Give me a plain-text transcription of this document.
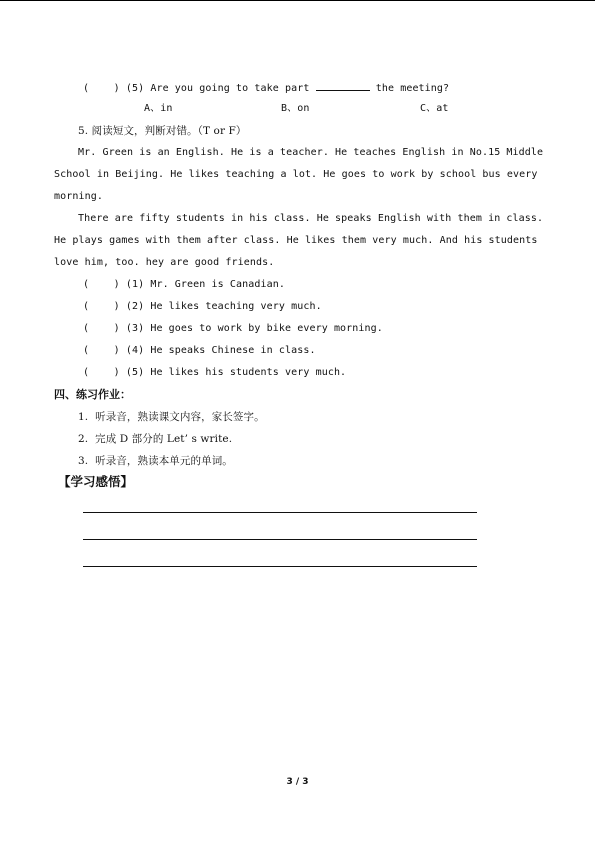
(    ) (5) Are you going to take part	the meeting?
A、in	B、on	C、at
5. 阅读短文，判断对错。（T or F）
Mr. Green is an English. He is a teacher. He teaches English in No.15 Middle
School in Beijing. He likes teaching a lot. He goes to work by school bus every
morning.
There are fifty students in his class. He speaks English with them in class.
He plays games with them after class. He likes them very much. And his students
love him, too. hey are good friends.
(    ) (1) Mr. Green is Canadian.
(    ) (2) He likes teaching very much.
(    ) (3) He goes to work by bike every morning.
(    ) (4) He speaks Chinese in class.
(    ) (5) He likes his students very much.
四、练习作业：
1.  听录音，熟读课文内容，家长签字。
2.  完成 D 部分的 Let’ s write.
3.  听录音，熟读本单元的单词。
【学习感悟】
3 / 3
